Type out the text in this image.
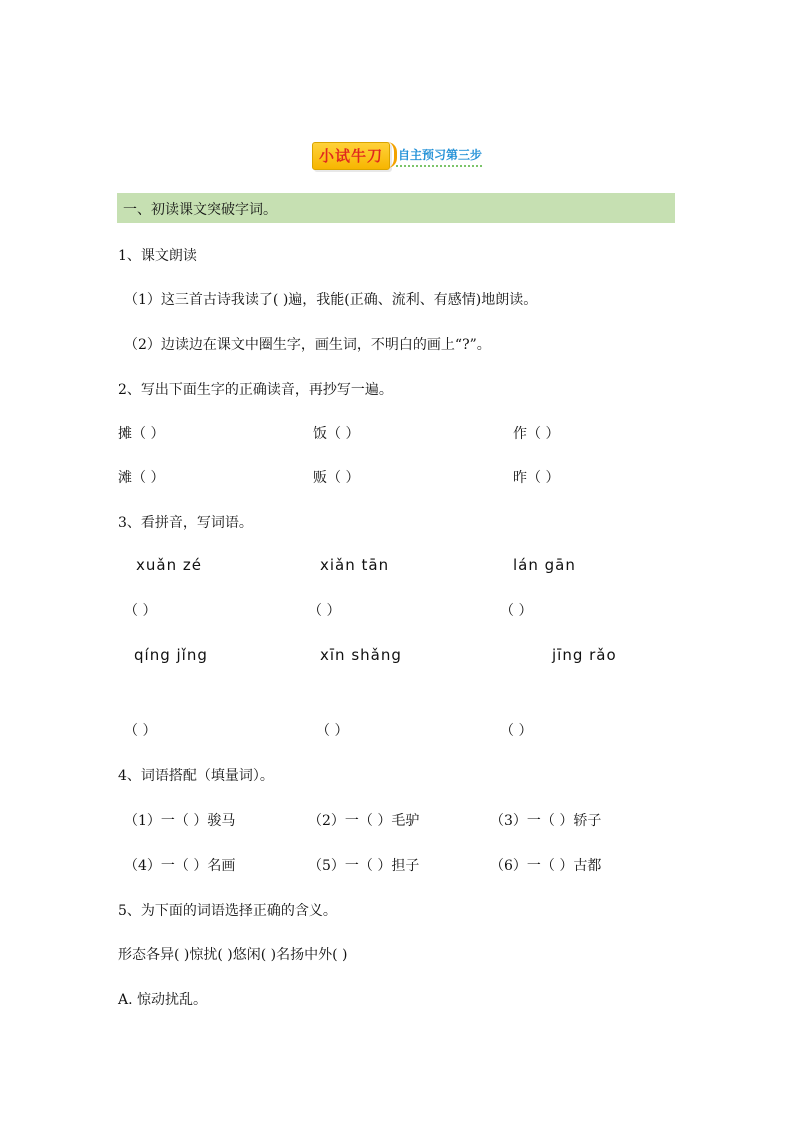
小试牛刀	自主预习第三步
一、初读课文突破字词。
1、课文朗读
（1）这三首古诗我读了( )遍，我能(正确、流利、有感情)地朗读。
（2）边读边在课文中圈生字，画生词，不明白的画上“?”。
2、写出下面生字的正确读音，再抄写一遍。
摊（ ）	饭（ ）	作（ ）
滩（ ）	贩（ ）	昨（ ）
3、看拼音，写词语。
xuǎn zé	xiǎn tān	lán gān
（ ）	（ ）	（ ）
qíng jǐng	xīn shǎng	jīng rǎo
（ ）	（ ）	（ ）
4、词语搭配（填量词）。
（1）一（ ）骏马	（2）一（ ）毛驴	（3）一（ ）轿子
（4）一（ ）名画	（5）一（ ）担子	（6）一（ ）古都
5、为下面的词语选择正确的含义。
形态各异( )惊扰( )悠闲( )名扬中外( )
A. 惊动扰乱。
